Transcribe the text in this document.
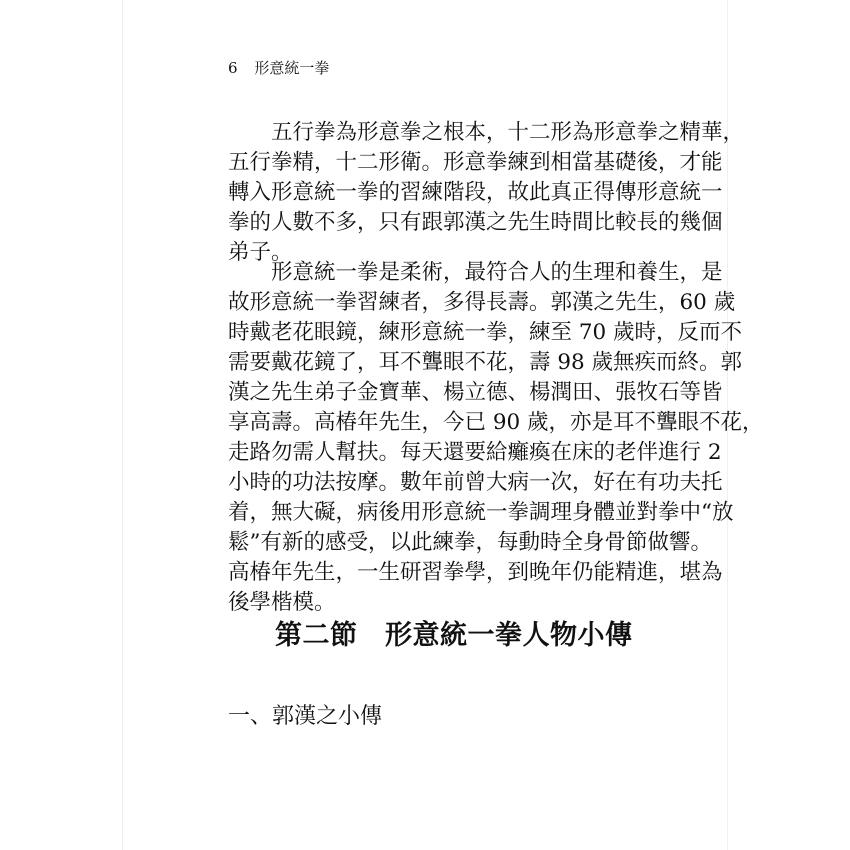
6 形意統一拳
　　五行拳為形意拳之根本，十二形為形意拳之精華，
五行拳精，十二形衛。形意拳練到相當基礎後，才能
轉入形意統一拳的習練階段，故此真正得傳形意統一
拳的人數不多，只有跟郭漢之先生時間比較長的幾個
弟子。
　　形意統一拳是柔術，最符合人的生理和養生，是
故形意統一拳習練者，多得長壽。郭漢之先生，60 歲
時戴老花眼鏡，練形意統一拳，練至 70 歲時，反而不
需要戴花鏡了，耳不聾眼不花，壽 98 歲無疾而終。郭
漢之先生弟子金寶華、楊立德、楊潤田、張牧石等皆
享高壽。高椿年先生，今已 90 歲，亦是耳不聾眼不花，
走路勿需人幫扶。每天還要給癱瘓在床的老伴進行 2
小時的功法按摩。數年前曾大病一次，好在有功夫托
着，無大礙，病後用形意統一拳調理身體並對拳中“放
鬆”有新的感受，以此練拳，每動時全身骨節做響。
高椿年先生，一生研習拳學，到晚年仍能精進，堪為
後學楷模。
第二節　形意統一拳人物小傳
一、郭漢之小傳
